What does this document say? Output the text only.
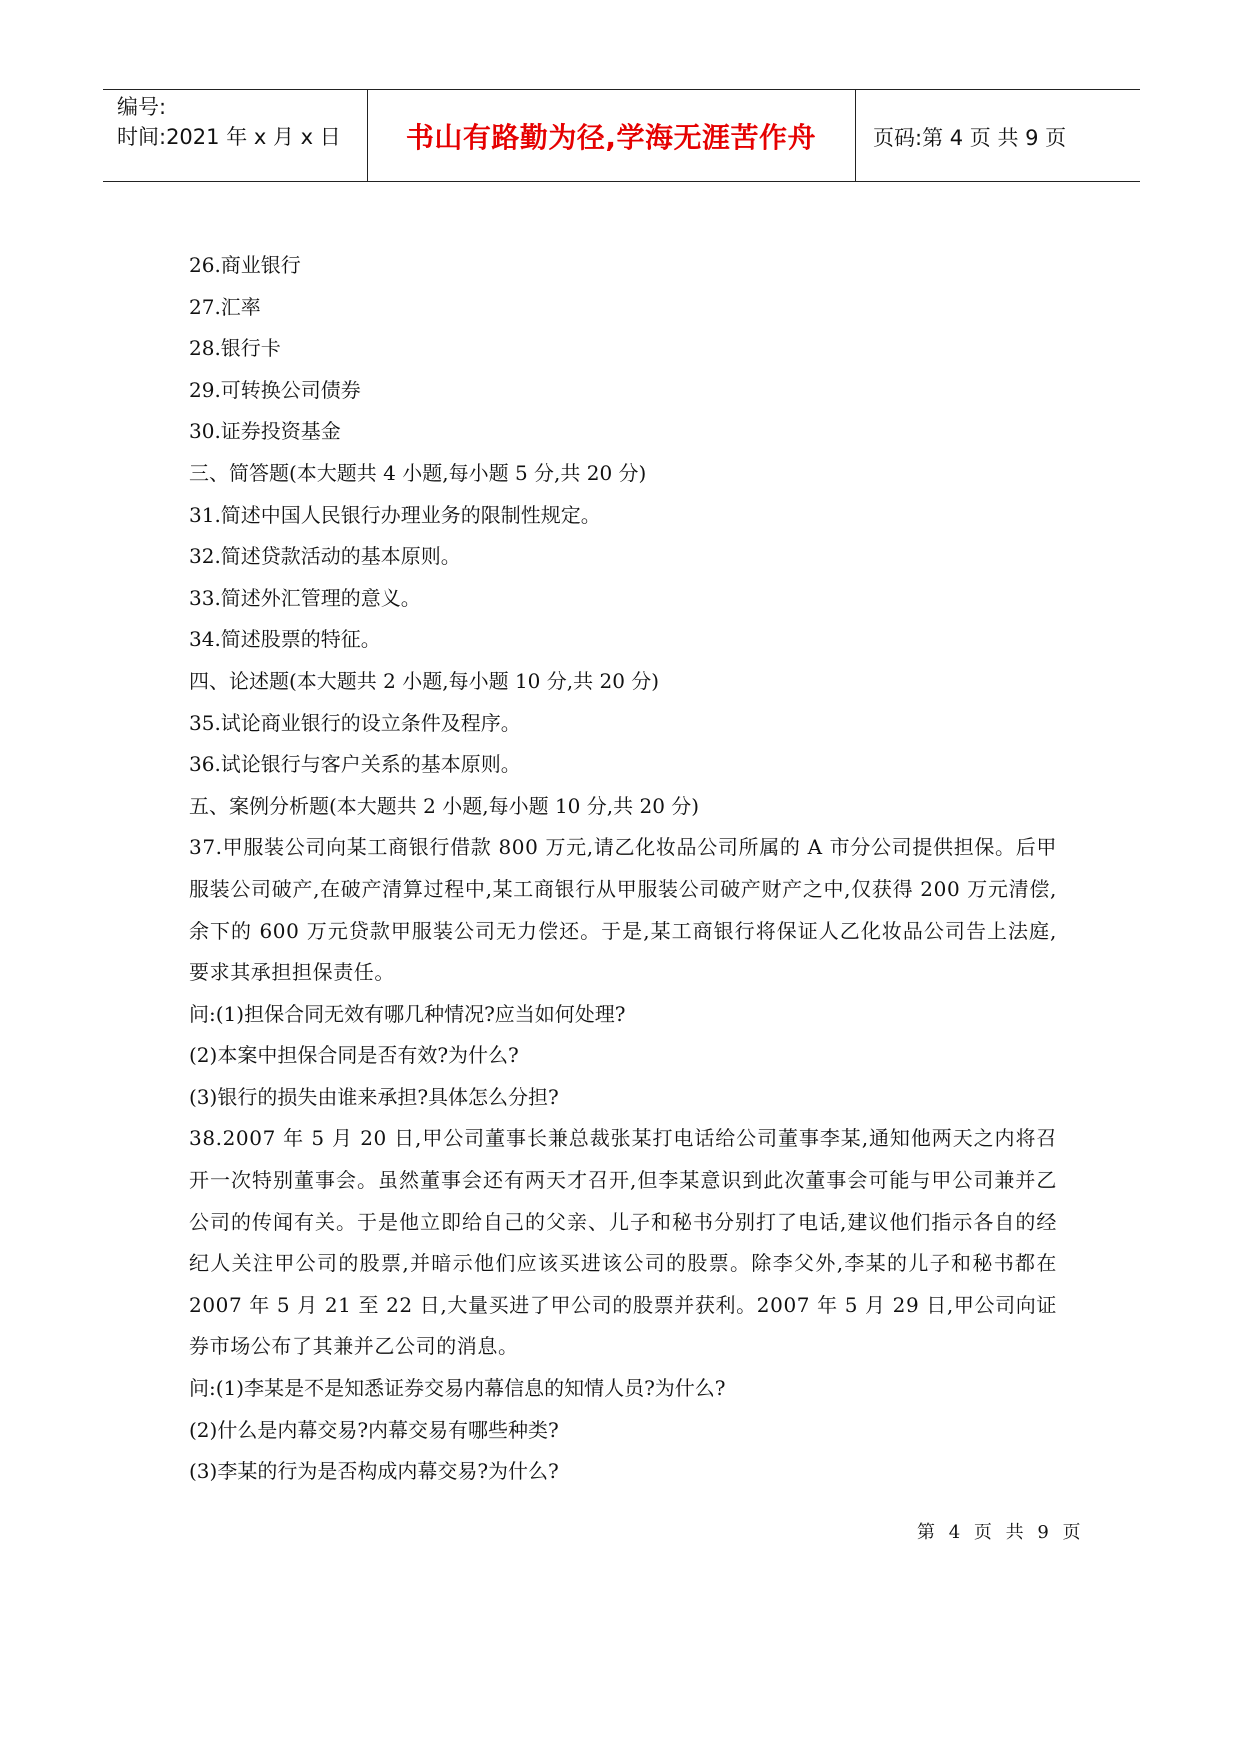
编号:
时间:2021 年 x 月 x 日	书山有路勤为径,学海无涯苦作舟	页码:第 4 页 共 9 页
26.商业银行
27.汇率
28.银行卡
29.可转换公司债券
30.证券投资基金
三、简答题(本大题共 4 小题,每小题 5 分,共 20 分)
31.简述中国人民银行办理业务的限制性规定。
32.简述贷款活动的基本原则。
33.简述外汇管理的意义。
34.简述股票的特征。
四、论述题(本大题共 2 小题,每小题 10 分,共 20 分)
35.试论商业银行的设立条件及程序。
36.试论银行与客户关系的基本原则。
五、案例分析题(本大题共 2 小题,每小题 10 分,共 20 分)
37.甲服装公司向某工商银行借款 800 万元,请乙化妆品公司所属的 A 市分公司提供担保。后甲服装公司破产,在破产清算过程中,某工商银行从甲服装公司破产财产之中,仅获得 200 万元清偿,余下的 600 万元贷款甲服装公司无力偿还。于是,某工商银行将保证人乙化妆品公司告上法庭,要求其承担担保责任。
问:(1)担保合同无效有哪几种情况?应当如何处理?
(2)本案中担保合同是否有效?为什么?
(3)银行的损失由谁来承担?具体怎么分担?
38.2007 年 5 月 20 日,甲公司董事长兼总裁张某打电话给公司董事李某,通知他两天之内将召开一次特别董事会。虽然董事会还有两天才召开,但李某意识到此次董事会可能与甲公司兼并乙公司的传闻有关。于是他立即给自己的父亲、儿子和秘书分别打了电话,建议他们指示各自的经纪人关注甲公司的股票,并暗示他们应该买进该公司的股票。除李父外,李某的儿子和秘书都在 2007 年 5 月 21 至 22 日,大量买进了甲公司的股票并获利。2007 年 5 月 29 日,甲公司向证券市场公布了其兼并乙公司的消息。
问:(1)李某是不是知悉证券交易内幕信息的知情人员?为什么?
(2)什么是内幕交易?内幕交易有哪些种类?
(3)李某的行为是否构成内幕交易?为什么?
第 4 页 共 9 页
